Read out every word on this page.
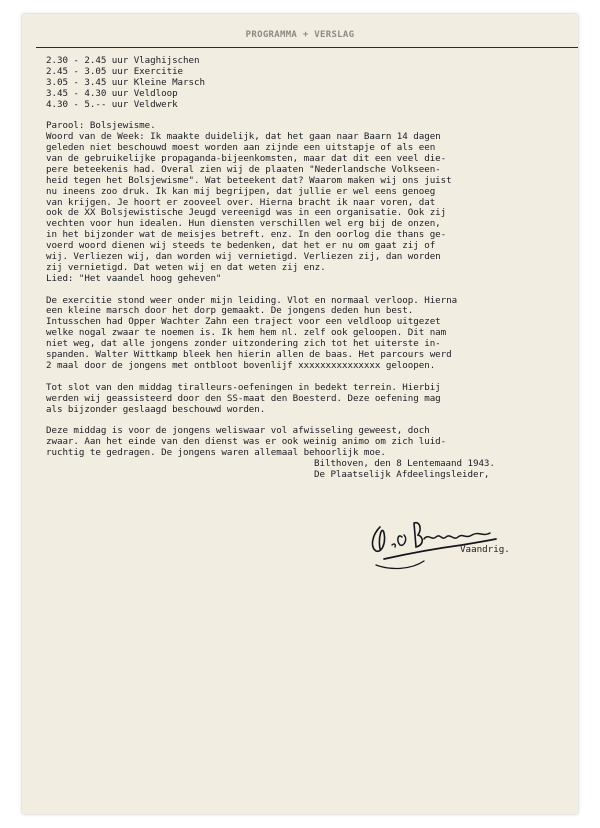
PROGRAMMA + VERSLAG
2.30 - 2.45 uur Vlaghijschen
2.45 - 3.05 uur Exercitie
3.05 - 3.45 uur Kleine Marsch
3.45 - 4.30 uur Veldloop
4.30 - 5.-- uur Veldwerk
Parool: Bolsjewisme.
Woord van de Week: Ik maakte duidelijk, dat het gaan naar Baarn 14 dagen
geleden niet beschouwd moest worden aan zijnde een uitstapje of als een
van de gebruikelijke propaganda-bijeenkomsten, maar dat dit een veel die-
pere beteekenis had. Overal zien wij de plaaten "Nederlandsche Volkseen-
heid tegen het Bolsjewisme". Wat beteekent dat? Waarom maken wij ons juist
nu ineens zoo druk. Ik kan mij begrijpen, dat jullie er wel eens genoeg
van krijgen. Je hoort er zooveel over. Hierna bracht ik naar voren, dat
ook de XX Bolsjewistische Jeugd vereenigd was in een organisatie. Ook zij
vechten voor hun idealen. Hun diensten verschillen wel erg bij de onzen,
in het bijzonder wat de meisjes betreft. enz. In den oorlog die thans ge-
voerd woord dienen wij steeds te bedenken, dat het er nu om gaat zij of
wij. Verliezen wij, dan worden wij vernietigd. Verliezen zij, dan worden
zij vernietigd. Dat weten wij en dat weten zij enz.
Lied: "Het vaandel hoog geheven"
De exercitie stond weer onder mijn leiding. Vlot en normaal verloop. Hierna
een kleine marsch door het dorp gemaakt. De jongens deden hun best.
Intusschen had Opper Wachter Zahn een traject voor een veldloop uitgezet
welke nogal zwaar te noemen is. Ik hem hem nl. zelf ook geloopen. Dit nam
niet weg, dat alle jongens zonder uitzondering zich tot het uiterste in-
spanden. Walter Wittkamp bleek hen hierin allen de baas. Het parcours werd
2 maal door de jongens met ontbloot bovenlijf xxxxxxxxxxxxxxx geloopen.
Tot slot van den middag tiralleurs-oefeningen in bedekt terrein. Hierbij
werden wij geassisteerd door den SS-maat den Boesterd. Deze oefening mag
als bijzonder geslaagd beschouwd worden.
Deze middag is voor de jongens weliswaar vol afwisseling geweest, doch
zwaar. Aan het einde van den dienst was er ook weinig animo om zich luid-
ruchtig te gedragen. De jongens waren allemaal behoorlijk moe.
Bilthoven, den 8 Lentemaand 1943.
De Plaatselijk Afdeelingsleider,
Vaandrig.
